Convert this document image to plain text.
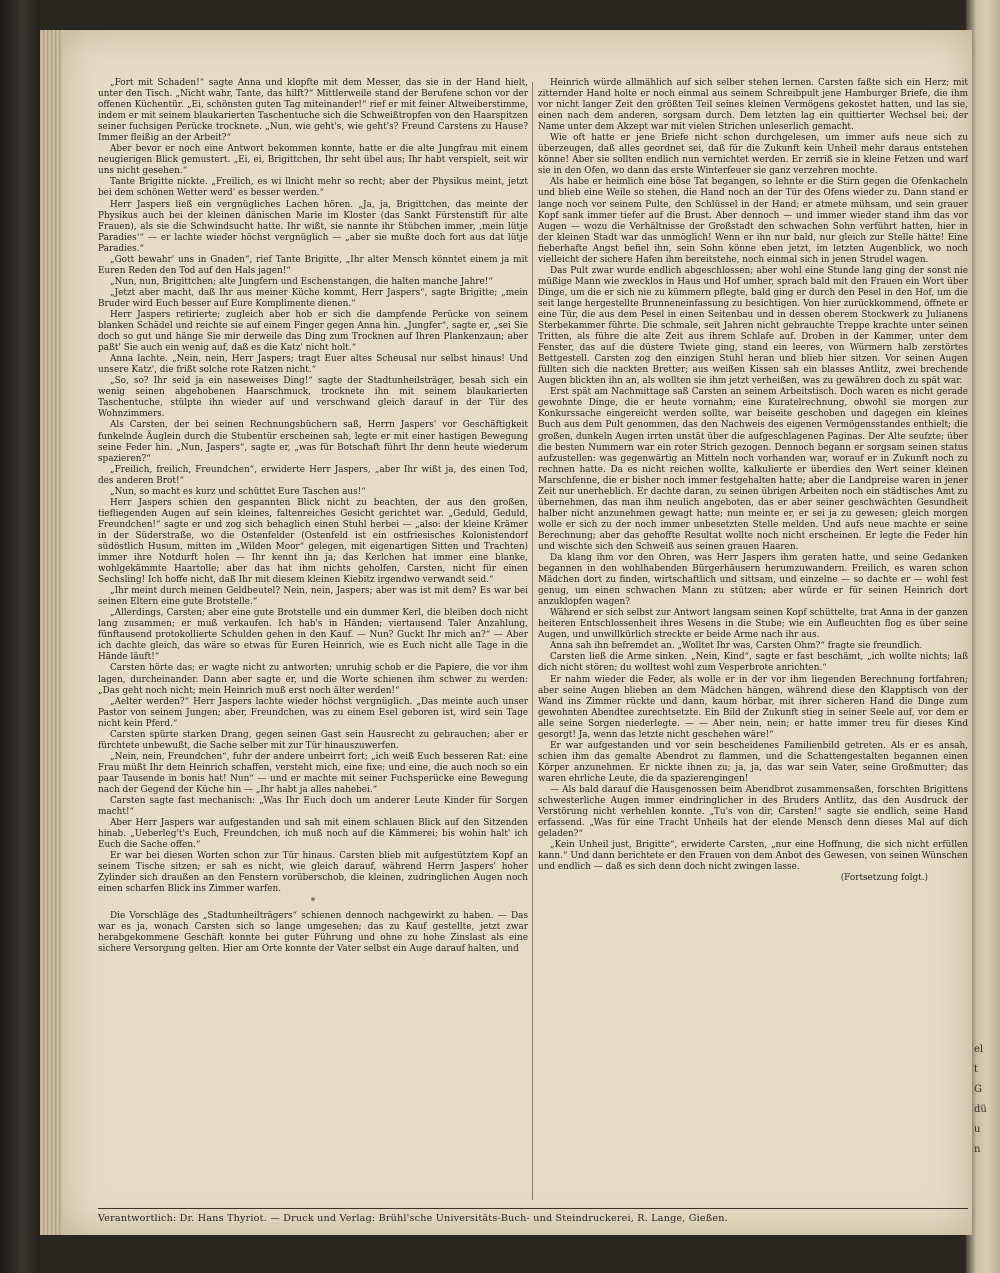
„Fort mit Schaden!“ sagte Anna und klopfte mit dem Messer, das sie in der Hand hielt, unter den Tisch. „Nicht wahr, Tante, das hilft?“ Mittlerweile stand der Berufene schon vor der offenen Küchentür. „Ei, schönsten guten Tag miteinander!“ rief er mit feiner Altweiberstimme, indem er mit seinem blaukarierten Taschentuche sich die Schweißtropfen von den Haarspitzen seiner fuchsigen Perücke trocknete. „Nun, wie geht's, wie geht's? Freund Carstens zu Hause? Immer fleißig an der Arbeit?“

Aber bevor er noch eine Antwort bekommen konnte, hatte er die alte Jungfrau mit einem neugierigen Blick gemustert. „Ei, ei, Brigittchen, Ihr seht übel aus; Ihr habt verspielt, seit wir uns nicht gesehen.“

Tante Brigitte nickte. „Freilich, es wi llnicht mehr so recht; aber der Physikus meint, jetzt bei dem schönen Wetter werd' es besser werden.“

Herr Jaspers ließ ein vergnügliches Lachen hören. „Ja, ja, Brigittchen, das meinte der Physikus auch bei der kleinen dänischen Marie im Kloster (das Sankt Fürstenstift für alte Frauen), als sie die Schwindsucht hatte. Ihr wißt, sie nannte ihr Stübchen immer, ‚mein lütje Paradies‘“ — er lachte wieder höchst vergnüglich — „aber sie mußte doch fort aus dat lütje Paradies.“

„Gott bewahr' uns in Gnaden“, rief Tante Brigitte, „Ihr alter Mensch könntet einem ja mit Euren Reden den Tod auf den Hals jagen!“

„Nun, nun, Brigittchen; alte Jungfern und Eschenstangen, die halten manche Jahre!“

„Jetzt aber macht, daß Ihr aus meiner Küche kommt, Herr Jaspers“, sagte Brigitte; „mein Bruder wird Euch besser auf Eure Komplimente dienen.“

Herr Jaspers retirierte; zugleich aber hob er sich die dampfende Perücke von seinem blanken Schädel und reichte sie auf einem Finger gegen Anna hin. „Jungfer“, sagte er, „sei Sie doch so gut und hänge Sie mir derweile das Ding zum Trocknen auf Ihren Plankenzaun; aber paßt' Sie auch ein wenig auf, daß es die Katz' nicht holt.“

Anna lachte. „Nein, nein, Herr Jaspers; tragt Euer altes Scheusal nur selbst hinaus! Und unsere Katz', die frißt solche rote Ratzen nicht.“

„So, so? Ihr seid ja ein naseweises Ding!“ sagte der Stadtunheilsträger, besah sich ein wenig seinen abgehobenen Haarschmuck, trocknete ihn mit seinem blaukarierten Taschentuche, stülpte ihn wieder auf und verschwand gleich darauf in der Tür des Wohnzimmers.

Als Carsten, der bei seinen Rechnungsbüchern saß, Herrn Jaspers' vor Geschäftigkeit funkelnde Äuglein durch die Stubentür erscheinen sah, legte er mit einer hastigen Bewegung seine Feder hin. „Nun, Jaspers“, sagte er, „was für Botschaft führt Ihr denn heute wiederum spazieren?“

„Freilich, freilich, Freundchen“, erwiderte Herr Jaspers, „aber Ihr wißt ja, des einen Tod, des anderen Brot!“

„Nun, so macht es kurz und schüttet Eure Taschen aus!“

Herr Jaspers schien den gespannten Blick nicht zu beachten, der aus den großen, tiefliegenden Augen auf sein kleines, faltenreiches Gesicht gerichtet war. „Geduld, Geduld, Freundchen!“ sagte er und zog sich behaglich einen Stuhl herbei — „also: der kleine Krämer in der Süderstraße, wo die Ostenfelder (Ostenfeld ist ein ostfriesisches Kolonistendorf südöstlich Husum, mitten im „Wilden Moor“ gelegen, mit eigenartigen Sitten und Trachten) immer ihre Notdurft holen — Ihr kennt ihn ja; das Kerlchen hat immer eine blanke, wohlgekämmte Haartolle; aber das hat ihm nichts geholfen, Carsten, nicht für einen Sechsling! Ich hoffe nicht, daß Ihr mit diesem kleinen Kiebitz irgendwo verwandt seid.“

„Ihr meint durch meinen Geldbeutel? Nein, nein, Jaspers; aber was ist mit dem? Es war bei seinen Eltern eine gute Brotstelle.“

„Allerdings, Carsten; aber eine gute Brotstelle und ein dummer Kerl, die bleiben doch nicht lang zusammen; er muß verkaufen. Ich hab's in Händen; viertausend Taler Anzahlung, fünftausend protokollierte Schulden gehen in den Kauf. — Nun? Guckt Ihr mich an?“ — Aber ich dachte gleich, das wäre so etwas für Euren Heinrich, wie es Euch nicht alle Tage in die Hände läuft!“

Carsten hörte das; er wagte nicht zu antworten; unruhig schob er die Papiere, die vor ihm lagen, durcheinander. Dann aber sagte er, und die Worte schienen ihm schwer zu werden: „Das geht noch nicht; mein Heinrich muß erst noch älter werden!“

„Aelter werden?“ Herr Jaspers lachte wieder höchst vergnüglich. „Das meinte auch unser Pastor von seinem Jungen; aber, Freundchen, was zu einem Esel geboren ist, wird sein Tage nicht kein Pferd.“

Carsten spürte starken Drang, gegen seinen Gast sein Hausrecht zu gebrauchen; aber er fürchtete unbewußt, die Sache selber mit zur Tür hinauszuwerfen.

„Nein, nein, Freundchen“, fuhr der andere unbeirrt fort; „ich weiß Euch besseren Rat: eine Frau müßt Ihr dem Heinrich schaffen, versteht mich, eine fixe; und eine, die auch noch so ein paar Tausende in bonis hat! Nun“ — und er machte mit seiner Fuchsperücke eine Bewegung nach der Gegend der Küche hin — „Ihr habt ja alles nahebei.“

Carsten sagte fast mechanisch: „Was Ihr Euch doch um anderer Leute Kinder für Sorgen macht!“

Aber Herr Jaspers war aufgestanden und sah mit einem schlauen Blick auf den Sitzenden hinab. „Ueberleg't's Euch, Freundchen, ich muß noch auf die Kämmerei; bis wohin halt' ich Euch die Sache offen.“

Er war bei diesen Worten schon zur Tür hinaus. Carsten blieb mit aufgestütztem Kopf an seinem Tische sitzen; er sah es nicht, wie gleich darauf, während Herrn Jaspers' hoher Zylinder sich draußen an den Fenstern vorüberschob, die kleinen, zudringlichen Augen noch einen scharfen Blick ins Zimmer warfen.

*

Die Vorschläge des „Stadtunheilträgers“ schienen dennoch nachgewirkt zu haben. — Das war es ja, wonach Carsten sich so lange umgesehen; das zu Kauf gestellte, jetzt zwar herabgekommene Geschäft konnte bei guter Führung und ohne zu hohe Zinslast als eine sichere Versorgung gelten. Hier am Orte konnte der Vater selbst ein Auge darauf halten, und

Heinrich würde allmählich auf sich selber stehen lernen. Carsten faßte sich ein Herz; mit zitternder Hand holte er noch einmal aus seinem Schreibpult jene Hamburger Briefe, die ihm vor nicht langer Zeit den größten Teil seines kleinen Vermögens gekostet hatten, und las sie, einen nach dem anderen, sorgsam durch. Dem letzten lag ein quittierter Wechsel bei; der Name unter dem Akzept war mit vielen Strichen unleserlich gemacht.

Wie oft hatte er jene Briefe nicht schon durchgelesen, um immer aufs neue sich zu überzeugen, daß alles geordnet sei, daß für die Zukunft kein Unheil mehr daraus entstehen könne! Aber sie sollten endlich nun vernichtet werden. Er zerriß sie in kleine Fetzen und warf sie in den Ofen, wo dann das erste Winterfeuer sie ganz verzehren mochte.

Als habe er heimlich eine böse Tat begangen, so lehnte er die Stirn gegen die Ofenkacheln und blieb eine Weile so stehen, die Hand noch an der Tür des Ofens wieder zu. Dann stand er lange noch vor seinem Pulte, den Schlüssel in der Hand; er atmete mühsam, und sein grauer Kopf sank immer tiefer auf die Brust. Aber dennoch — und immer wieder stand ihm das vor Augen — wozu die Verhältnisse der Großstadt den schwachen Sohn verführt hatten, hier in der kleinen Stadt war das unmöglich! Wenn er ihn nur bald, nur gleich zur Stelle hätte! Eine fieberhafte Angst befiel ihn, sein Sohn könne eben jetzt, im letzten Augenblick, wo noch vielleicht der sichere Hafen ihm bereitstehe, noch einmal sich in jenen Strudel wagen.

Das Pult zwar wurde endlich abgeschlossen; aber wohl eine Stunde lang ging der sonst nie müßige Mann wie zwecklos in Haus und Hof umher, sprach bald mit den Frauen ein Wort über Dinge, um die er sich nie zu kümmern pflegte, bald ging er durch den Pesel in den Hof, um die seit lange hergestellte Brunneneinfassung zu besichtigen. Von hier zurückkommend, öffnete er eine Tür, die aus dem Pesel in einen Seitenbau und in dessen oberem Stockwerk zu Julianens Sterbekammer führte. Die schmale, seit Jahren nicht gebrauchte Treppe krachte unter seinen Tritten, als führe die alte Zeit aus ihrem Schlafe auf. Droben in der Kammer, unter dem Fenster, das auf die düstere Twiete ging, stand ein leeres, von Würmern halb zerstörtes Bettgestell. Carsten zog den einzigen Stuhl heran und blieb hier sitzen. Vor seinen Augen füllten sich die nackten Bretter; aus weißen Kissen sah ein blasses Antlitz, zwei brechende Augen blickten ihn an, als wollten sie ihm jetzt verheißen, was zu gewähren doch zu spät war.

Erst spät am Nachmittage saß Carsten an seinem Arbeitstisch. Doch waren es nicht gerade gewohnte Dinge, die er heute vornahm; eine Kuratelrechnung, obwohl sie morgen zur Konkurssache eingereicht werden sollte, war beiseite geschoben und dagegen ein kleines Buch aus dem Pult genommen, das den Nachweis des eigenen Vermögensstandes enthielt; die großen, dunkeln Augen irrten unstät über die aufgeschlagenen Paginas. Der Alte seufzte; über die besten Nummern war ein roter Strich gezogen. Dennoch begann er sorgsam seinen status aufzustellen: was gegenwärtig an Mitteln noch vorhanden war, worauf er in Zukunft noch zu rechnen hatte. Da es nicht reichen wollte, kalkulierte er überdies den Wert seiner kleinen Marschfenne, die er bisher noch immer festgehalten hatte; aber die Landpreise waren in jener Zeit nur unerheblich. Er dachte daran, zu seinen übrigen Arbeiten noch ein städtisches Amt zu übernehmen, das man ihm neulich angeboten, das er aber seiner geschwächten Gesundheit halber nicht anzunehmen gewagt hatte; nun meinte er, er sei ja zu gewesen; gleich morgen wolle er sich zu der noch immer unbesetzten Stelle melden. Und aufs neue machte er seine Berechnung; aber das gehoffte Resultat wollte noch nicht erscheinen. Er legte die Feder hin und wischte sich den Schweiß aus seinen grauen Haaren.

Da klang ihm vor den Ohren, was Herr Jaspers ihm geraten hatte, und seine Gedanken begannen in den wohlhabenden Bürgerhäusern herumzuwandern. Freilich, es waren schon Mädchen dort zu finden, wirtschaftlich und sittsam, und einzelne — so dachte er — wohl fest genug, um einen schwachen Mann zu stützen; aber würde er für seinen Heinrich dort anzuklopfen wagen?

Während er sich selbst zur Antwort langsam seinen Kopf schüttelte, trat Anna in der ganzen heiteren Entschlossenheit ihres Wesens in die Stube; wie ein Aufleuchten flog es über seine Augen, und unwillkürlich streckte er beide Arme nach ihr aus.

Anna sah ihn befremdet an. „Wolltet Ihr was, Carsten Ohm?“ fragte sie freundlich.

Carsten ließ die Arme sinken. „Nein, Kind“, sagte er fast beschämt, „ich wollte nichts; laß dich nicht stören; du wolltest wohl zum Vesperbrote anrichten.“

Er nahm wieder die Feder, als wolle er in der vor ihm liegenden Berechnung fortfahren; aber seine Augen blieben an dem Mädchen hängen, während diese den Klapptisch von der Wand ins Zimmer rückte und dann, kaum hörbar, mit ihrer sicheren Hand die Dinge zum gewohnten Abendtee zurechtsetzte. Ein Bild der Zukunft stieg in seiner Seele auf, vor dem er alle seine Sorgen niederlegte. — — Aber nein, nein; er hatte immer treu für dieses Kind gesorgt! Ja, wenn das letzte nicht geschehen wäre!“

Er war aufgestanden und vor sein bescheidenes Familienbild getreten. Als er es ansah, schien ihm das gemalte Abendrot zu flammen, und die Schattengestalten begannen einen Körper anzunehmen. Er nickte ihnen zu; ja, ja, das war sein Vater, seine Großmutter; das waren ehrliche Leute, die da spazierengingen!

— Als bald darauf die Hausgenossen beim Abendbrot zusammensaßen, forschten Brigittens schwesterliche Augen immer eindringlicher in des Bruders Antlitz, das den Ausdruck der Verstörung nicht verhehlen konnte. „Tu's von dir, Carsten!“ sagte sie endlich, seine Hand erfassend. „Was für eine Tracht Unheils hat der elende Mensch denn dieses Mal auf dich geladen?“

„Kein Unheil just, Brigitte“, erwiderte Carsten, „nur eine Hoffnung, die sich nicht erfüllen kann.“ Und dann berichtete er den Frauen von dem Anbot des Gewesen, von seinen Wünschen und endlich — daß es sich denn doch nicht zwingen lasse.

(Fortsetzung folgt.)

Verantwortlich: Dr. Hans Thyriot. — Druck und Verlag: Brühl'sche Universitäts-Buch- und Steindruckerei, R. Lange, Gießen.
el
t
G
dü
u
n
